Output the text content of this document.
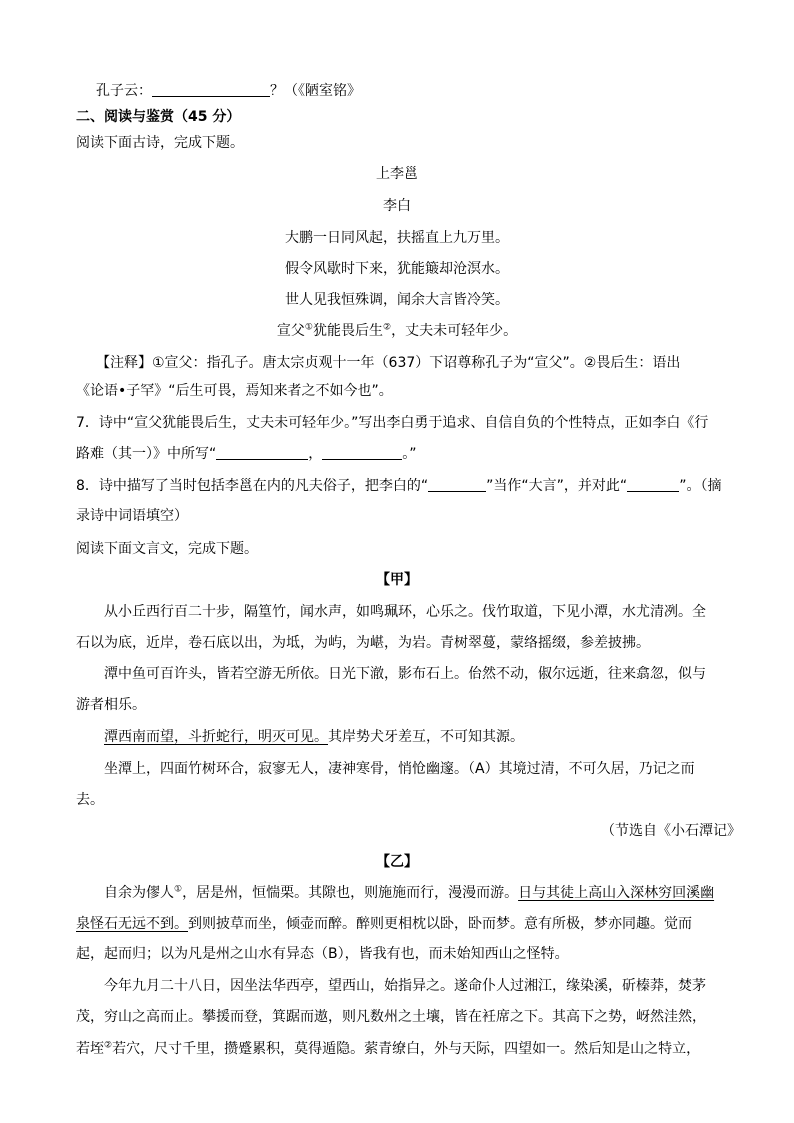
孔子云：	？（《陋室铭》
二、阅读与鉴赏（45 分）
阅读下面古诗，完成下题。
上李邕
李白
大鹏一日同风起，扶摇直上九万里。
假令风歇时下来，犹能簸却沧溟水。
世人见我恒殊调，闻余大言皆冷笑。
宣父①犹能畏后生②，丈夫未可轻年少。
【注释】①宣父：指孔子。唐太宗贞观十一年（637）下诏尊称孔子为“宣父”。②畏后生：语出
《论语•子罕》“后生可畏，焉知来者之不如今也”。
7．诗中“宣父犹能畏后生，丈夫未可轻年少。”写出李白勇于追求、自信自负的个性特点，正如李白《行
路难（其一）》中所写“	，	。”
8．诗中描写了当时包括李邕在内的凡夫俗子，把李白的“	”当作“大言”，并对此“	”。（摘
录诗中词语填空）
阅读下面文言文，完成下题。
【甲】
从小丘西行百二十步，隔篁竹，闻水声，如鸣珮环，心乐之。伐竹取道，下见小潭，水尤清冽。全
石以为底，近岸，卷石底以出，为坻，为屿，为嵁，为岩。青树翠蔓，蒙络摇缀，参差披拂。
潭中鱼可百许头，皆若空游无所依。日光下澈，影布石上。佁然不动，俶尔远逝，往来翕忽，似与
游者相乐。
潭西南而望，斗折蛇行，明灭可见。其岸势犬牙差互，不可知其源。
坐潭上，四面竹树环合，寂寥无人，凄神寒骨，悄怆幽邃。（A）其境过清，不可久居，乃记之而
去。
（节选自《小石潭记》
【乙】
自余为僇人①，居是州，恒惴栗。其隙也，则施施而行，漫漫而游。日与其徒上高山入深林穷回溪幽
泉怪石无远不到。到则披草而坐，倾壶而醉。醉则更相枕以卧，卧而梦。意有所极，梦亦同趣。觉而
起，起而归；以为凡是州之山水有异态（B），皆我有也，而未始知西山之怪特。
今年九月二十八日，因坐法华西亭，望西山，始指异之。遂命仆人过湘江，缘染溪，斫榛莽，焚茅
茂，穷山之高而止。攀援而登，箕踞而遨，则凡数州之土壤，皆在衽席之下。其高下之势，岈然洼然，
若垤②若穴，尺寸千里，攒蹙累积，莫得遁隐。萦青缭白，外与天际，四望如一。然后知是山之特立，
